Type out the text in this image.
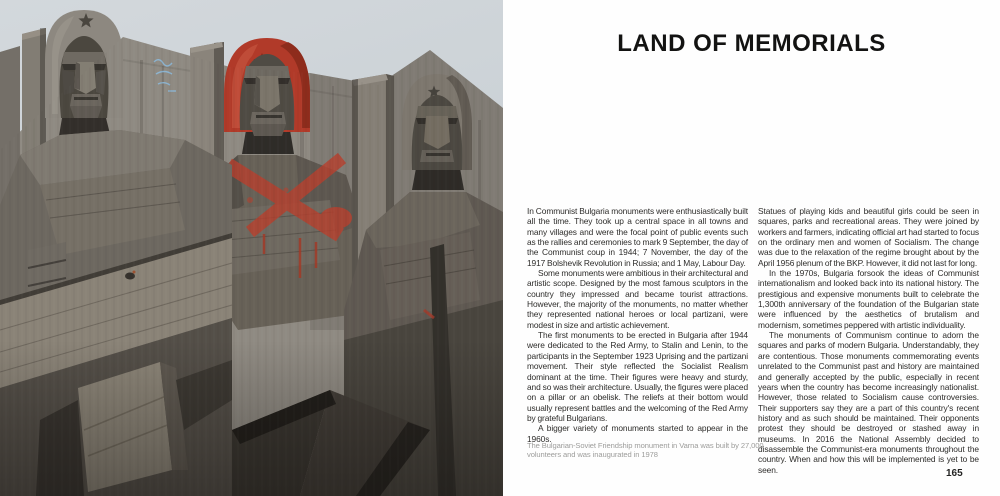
LAND OF MEMORIALS

In Communist Bulgaria monuments were enthusiastically built all the time. They took up a central space in all towns and many villages and were the focal point of public events such as the rallies and ceremonies to mark 9 September, the day of the Communist coup in 1944; 7 November, the day of the 1917 Bolshevik Revolution in Russia; and 1 May, Labour Day.

Some monuments were ambitious in their architectural and artistic scope. Designed by the most famous sculptors in the country they impressed and became tourist attractions. However, the majority of the monuments, no matter whether they represented national heroes or local partizani, were modest in size and artistic achievement.

The first monuments to be erected in Bulgaria after 1944 were dedicated to the Red Army, to Stalin and Lenin, to the participants in the September 1923 Uprising and the partizani movement. Their style reflected the Socialist Realism dominant at the time. Their figures were heavy and sturdy, and so was their architecture. Usually, the figures were placed on a pillar or an obelisk. The reliefs at their bottom would usually represent battles and the welcoming of the Red Army by grateful Bulgarians.

A bigger variety of monuments started to appear in the 1960s.

Statues of playing kids and beautiful girls could be seen in squares, parks and recreational areas. They were joined by workers and farmers, indicating official art had started to focus on the ordinary men and women of Socialism. The change was due to the relaxation of the regime brought about by the April 1956 plenum of the BKP. However, it did not last for long.

In the 1970s, Bulgaria forsook the ideas of Communist internationalism and looked back into its national history. The prestigious and expensive monuments built to celebrate the 1,300th anniversary of the foundation of the Bulgarian state were influenced by the aesthetics of brutalism and modernism, sometimes peppered with artistic individuality.

The monuments of Communism continue to adorn the squares and parks of modern Bulgaria. Understandably, they are contentious. Those monuments commemorating events unrelated to the Communist past and history are maintained and generally accepted by the public, especially in recent years when the country has become increasingly nationalist. However, those related to Socialism cause controversies. Their supporters say they are a part of this country's recent history and as such should be maintained. Their opponents protest they should be destroyed or stashed away in museums. In 2016 the National Assembly decided to disassemble the Communist-era monuments throughout the country. When and how this will be implemented is yet to be seen.

The Bulgarian-Soviet Friendship monument in Varna was built by 27,000 volunteers and was inaugurated in 1978
165
